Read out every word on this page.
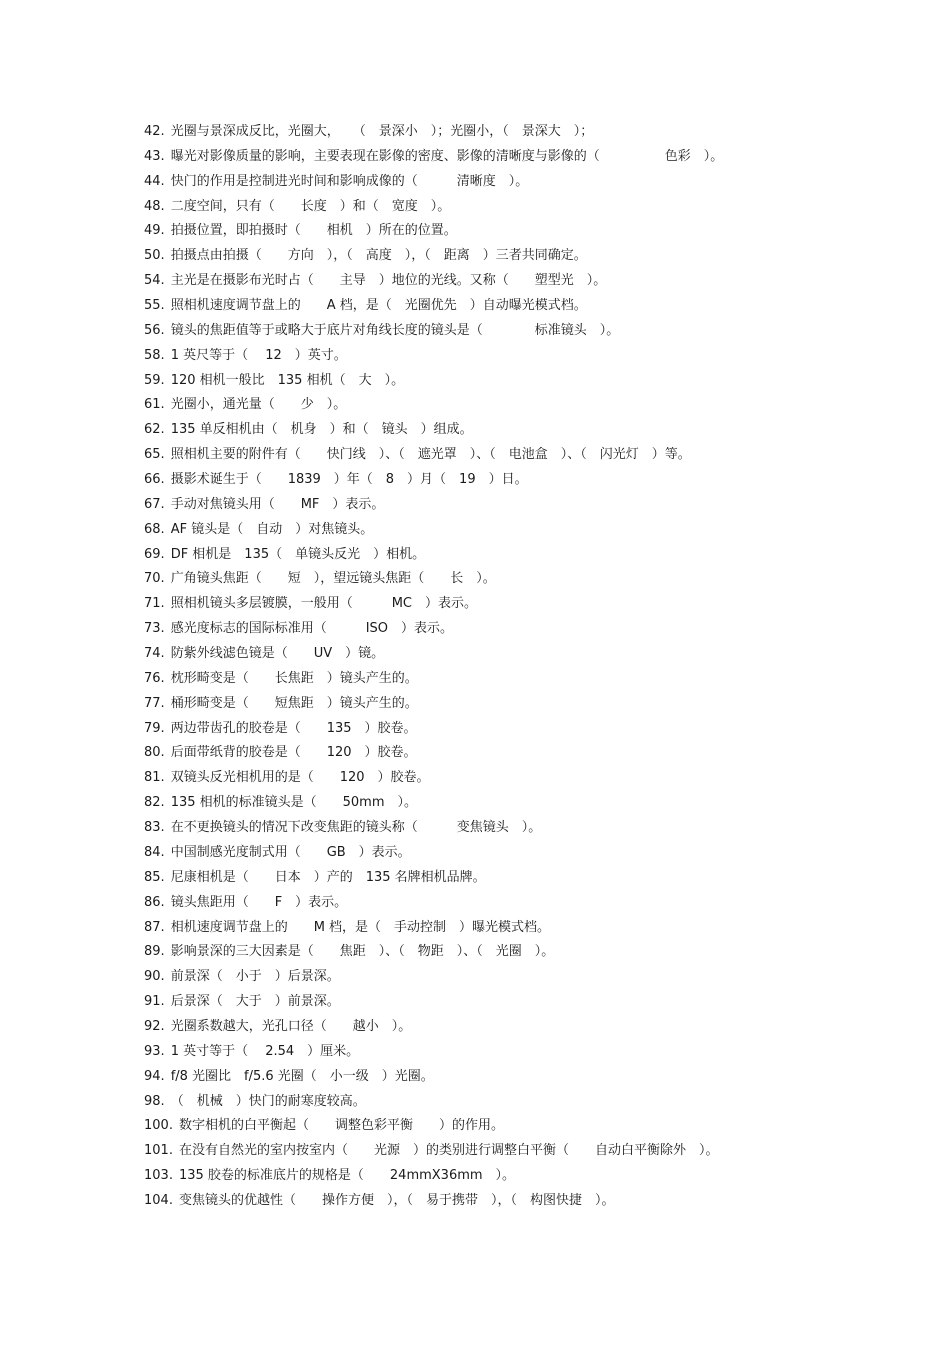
42. 光圈与景深成反比，光圈大，　　（　景深小　）；光圈小，（　景深大　）；
43. 曝光对影像质量的影响，主要表现在影像的密度、影像的清晰度与影像的（　　　　　色彩　）。
44. 快门的作用是控制进光时间和影响成像的（　　　清晰度　）。
48. 二度空间，只有（　　长度　）和（　宽度　）。
49. 拍摄位置，即拍摄时（　　相机　）所在的位置。
50. 拍摄点由拍摄（　　方向　），（　高度　），（　距离　）三者共同确定。
54. 主光是在摄影布光时占（　　主导　）地位的光线。又称（　　塑型光　）。
55. 照相机速度调节盘上的　　A 档，是（　光圈优先　）自动曝光模式档。
56. 镜头的焦距值等于或略大于底片对角线长度的镜头是（　　　　标准镜头　）。
58. 1 英尺等于（　 12　）英寸。
59. 120 相机一般比　135 相机（　大　）。
61. 光圈小，通光量（　　少　）。
62. 135 单反相机由（　机身　）和（　镜头　）组成。
65. 照相机主要的附件有（　　快门线　）、（　遮光罩　）、（　电池盒　）、（　闪光灯　）等。
66. 摄影术诞生于（　　1839　）年（　8　）月（　19　）日。
67. 手动对焦镜头用（　　MF　）表示。
68. AF 镜头是（　自动　）对焦镜头。
69. DF 相机是　135（　单镜头反光　）相机。
70. 广角镜头焦距（　　短　），望远镜头焦距（　　长　）。
71. 照相机镜头多层镀膜，一般用（　　　MC　）表示。
73. 感光度标志的国际标准用（　　　ISO　）表示。
74. 防紫外线滤色镜是（　　UV　）镜。
76. 枕形畸变是（　　长焦距　）镜头产生的。
77. 桶形畸变是（　　短焦距　）镜头产生的。
79. 两边带齿孔的胶卷是（　　135　）胶卷。
80. 后面带纸背的胶卷是（　　120　）胶卷。
81. 双镜头反光相机用的是（　　120　）胶卷。
82. 135 相机的标准镜头是（　　50mm　）。
83. 在不更换镜头的情况下改变焦距的镜头称（　　　变焦镜头　）。
84. 中国制感光度制式用（　　GB　）表示。
85. 尼康相机是（　　日本　）产的　135 名牌相机品牌。
86. 镜头焦距用（　　F　）表示。
87. 相机速度调节盘上的　　M 档，是（　手动控制　）曝光模式档。
89. 影响景深的三大因素是（　　焦距　）、（　物距　）、（　光圈　）。
90. 前景深（　小于　）后景深。
91. 后景深（　大于　）前景深。
92. 光圈系数越大，光孔口径（　　越小　）。
93. 1 英寸等于（　 2.54　）厘米。
94. f/8 光圈比　f/5.6 光圈（　小一级　）光圈。
98. （　机械　）快门的耐寒度较高。
100. 数字相机的白平衡起（　　调整色彩平衡　　）的作用。
101. 在没有自然光的室内按室内（　　光源　）的类别进行调整白平衡（　　自动白平衡除外　）。
103. 135 胶卷的标准底片的规格是（　　24mmX36mm　）。
104. 变焦镜头的优越性（　　操作方便　），（　易于携带　），（　构图快捷　）。
